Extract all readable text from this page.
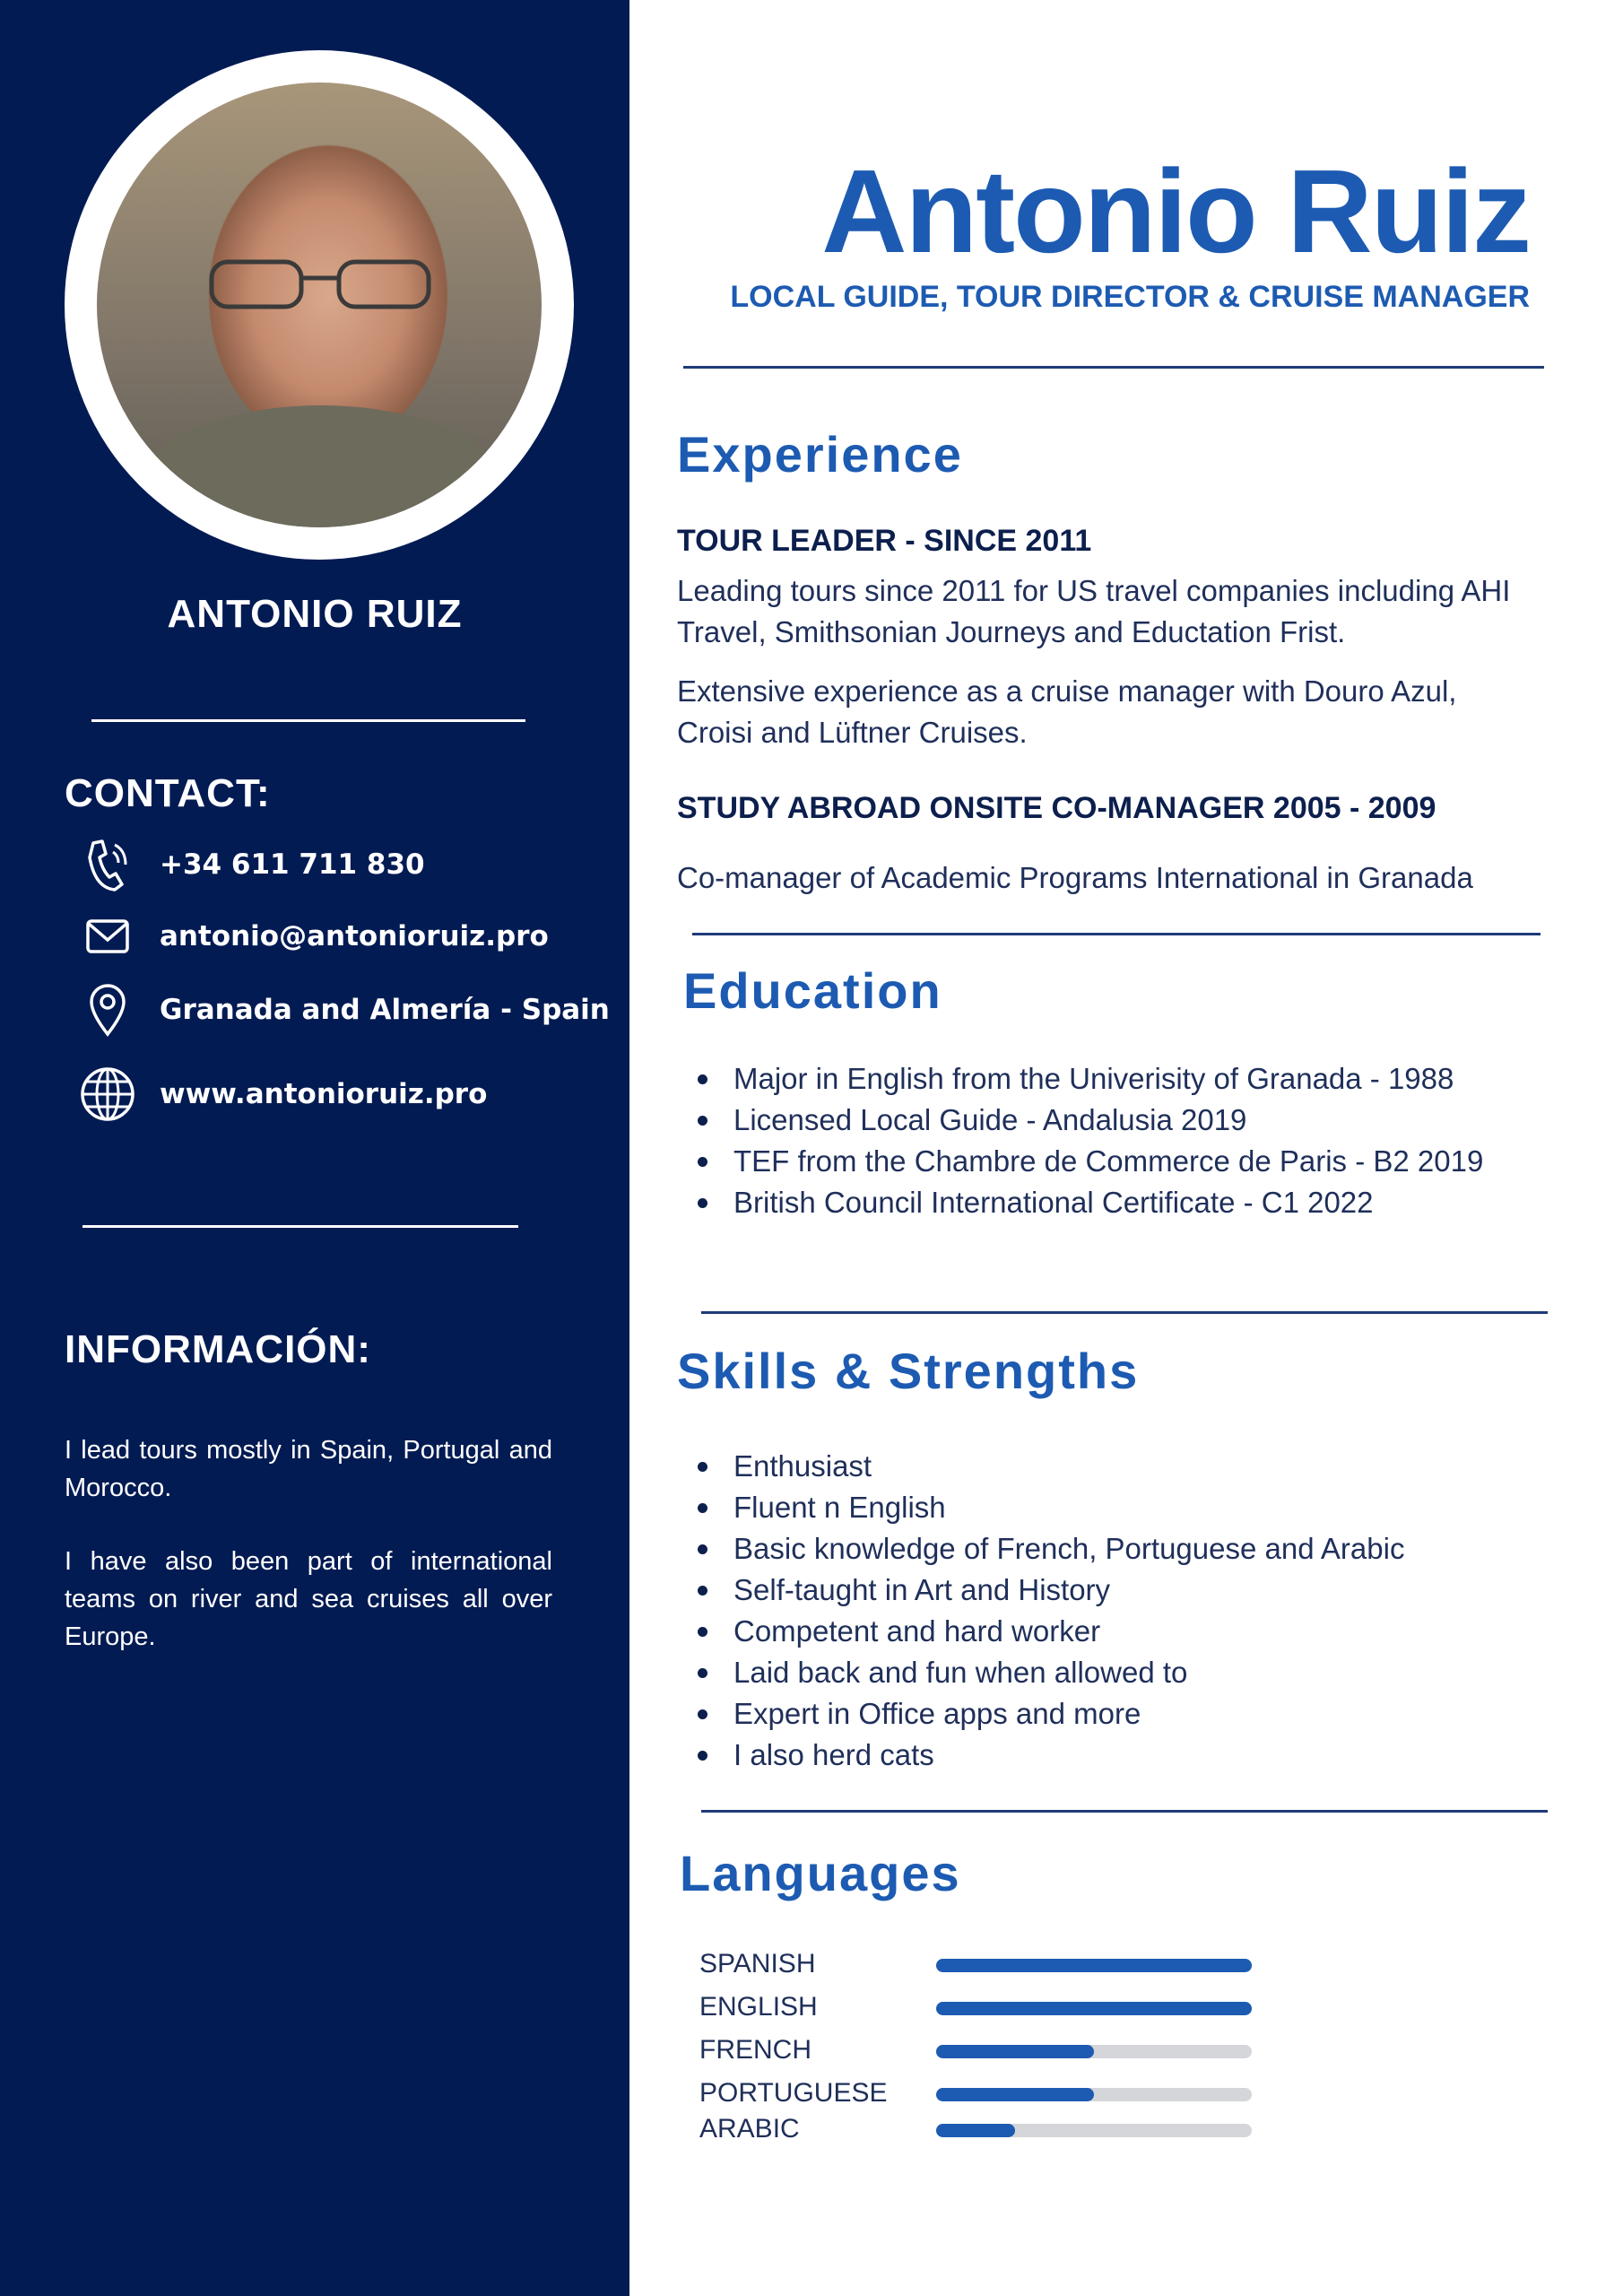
ANTONIO RUIZ
CONTACT:
+34 611 711 830
antonio@antonioruiz.pro
Granada and Almería - Spain
www.antonioruiz.pro
INFORMACIÓN:

I lead tours mostly in Spain, Portugal and Morocco.

I have also been part of international teams on river and sea cruises all over Europe.

Antonio Ruiz
LOCAL GUIDE, TOUR DIRECTOR & CRUISE MANAGER
Experience
TOUR LEADER - SINCE 2011

Leading tours since 2011 for US travel companies including AHI Travel, Smithsonian Journeys and Eductation Frist.

Extensive experience as a cruise manager with Douro Azul, Croisi and Lüftner Cruises.

STUDY ABROAD ONSITE CO-MANAGER 2005 - 2009

Co-manager of Academic Programs International in Granada

Education
Major in English from the Univerisity of Granada - 1988
Licensed Local Guide - Andalusia 2019
TEF from the Chambre de Commerce de Paris - B2 2019
British Council International Certificate - C1 2022
Skills & Strengths
Enthusiast
Fluent n English
Basic knowledge of French, Portuguese and Arabic
Self-taught in Art and History
Competent and hard worker
Laid back and fun when allowed to
Expert in Office apps and more
I also herd cats
Languages
SPANISH
ENGLISH
FRENCH
PORTUGUESE
ARABIC
